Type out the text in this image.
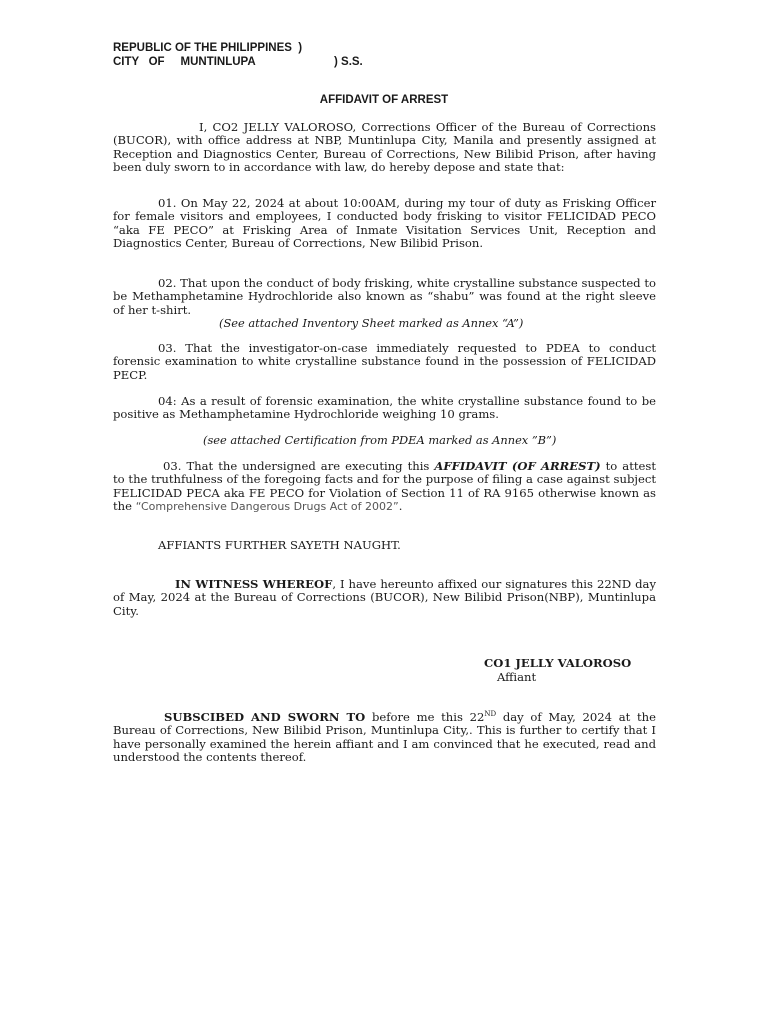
REPUBLIC OF THE PHILIPPINES  )
CITY   OF     MUNTINLUPA	) S.S.
AFFIDAVIT OF ARREST

I, CO2 JELLY VALOROSO, Corrections Officer of the Bureau of Corrections (BUCOR), with office address at NBP, Muntinlupa City, Manila and presently assigned at Reception and Diagnostics Center, Bureau of Corrections, New Bilibid Prison, after having been duly sworn to in accordance with law, do hereby depose and state that:

01. On May 22, 2024 at about 10:00AM, during my tour of duty as Frisking Officer for female visitors and employees, I conducted body frisking to visitor FELICIDAD PECO “aka FE PECO” at Frisking Area of Inmate Visitation Services Unit, Reception and Diagnostics Center, Bureau of Corrections, New Bilibid Prison.

02. That upon the conduct of body frisking, white crystalline substance suspected to be Methamphetamine Hydrochloride also known as “shabu” was found at the right sleeve of her t-shirt.

(See attached Inventory Sheet marked as Annex “A”)

03. That the investigator-on-case immediately requested to PDEA to conduct forensic examination to white crystalline substance found in the possession of FELICIDAD PECP.

04: As a result of forensic examination, the white crystalline substance found to be positive as Methamphetamine Hydrochloride weighing 10 grams.

(see attached Certification from PDEA marked as Annex ”B”)

03. That the undersigned are executing this AFFIDAVIT (OF ARREST) to attest to the truthfulness of the foregoing facts and for the purpose of filing a case against subject FELICIDAD PECA aka FE PECO for Violation of Section 11 of RA 9165 otherwise known as the “Comprehensive Dangerous Drugs Act of 2002”.

AFFIANTS FURTHER SAYETH NAUGHT.

IN WITNESS WHEREOF, I have hereunto affixed our signatures this 22ND day of May, 2024 at the Bureau of Corrections (BUCOR), New Bilibid Prison(NBP), Muntinlupa City.

CO1 JELLY VALOROSO
Affiant

SUBSCIBED AND SWORN TO before me this 22ND day of May, 2024 at the Bureau of Corrections, New Bilibid Prison, Muntinlupa City,. This is further to certify that I have personally examined the herein affiant and I am convinced that he executed, read and understood the contents thereof.
